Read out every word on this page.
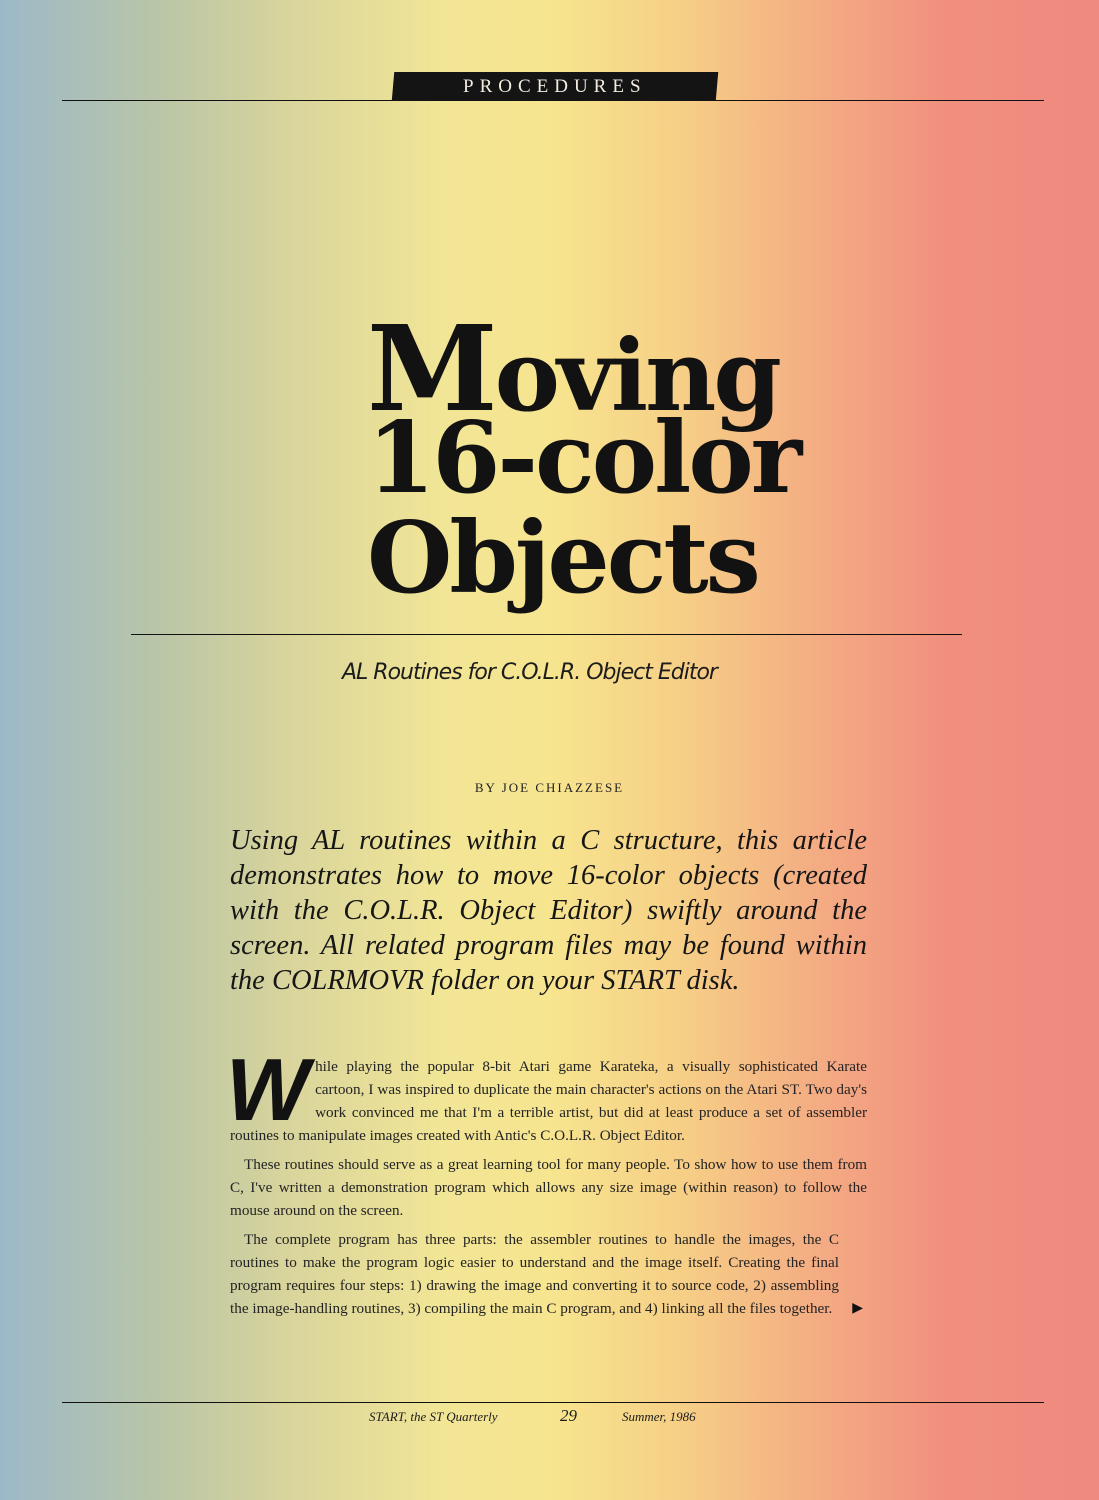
PROCEDURES
Moving
16-color
Objects

AL Routines for C.O.L.R. Object Editor

BY JOE CHIAZZESE

Using AL routines within a C structure, this article demonstrates how to move 16-color objects (created with the C.O.L.R. Object Editor) swiftly around the screen. All related program files may be found within the COLRMOVR folder on your START disk.

While playing the popular 8-bit Atari game Karateka, a visually sophisticated Karate cartoon, I was inspired to duplicate the main character's actions on the Atari ST. Two day's work convinced me that I'm a terrible artist, but did at least produce a set of assembler routines to manipulate images created with Antic's C.O.L.R. Object Editor.

These routines should serve as a great learning tool for many people. To show how to use them from C, I've written a demonstration program which allows any size image (within reason) to follow the mouse around on the screen.

The complete program has three parts: the assembler routines to handle the images, the C routines to make the program logic easier to understand and the image itself. Creating the final program requires four steps: 1) drawing the image and converting it to source code, 2) assembling the image-handling routines, 3) compiling the main C program, and 4) linking all the files together.	▶

START, the ST Quarterly	29	Summer, 1986
